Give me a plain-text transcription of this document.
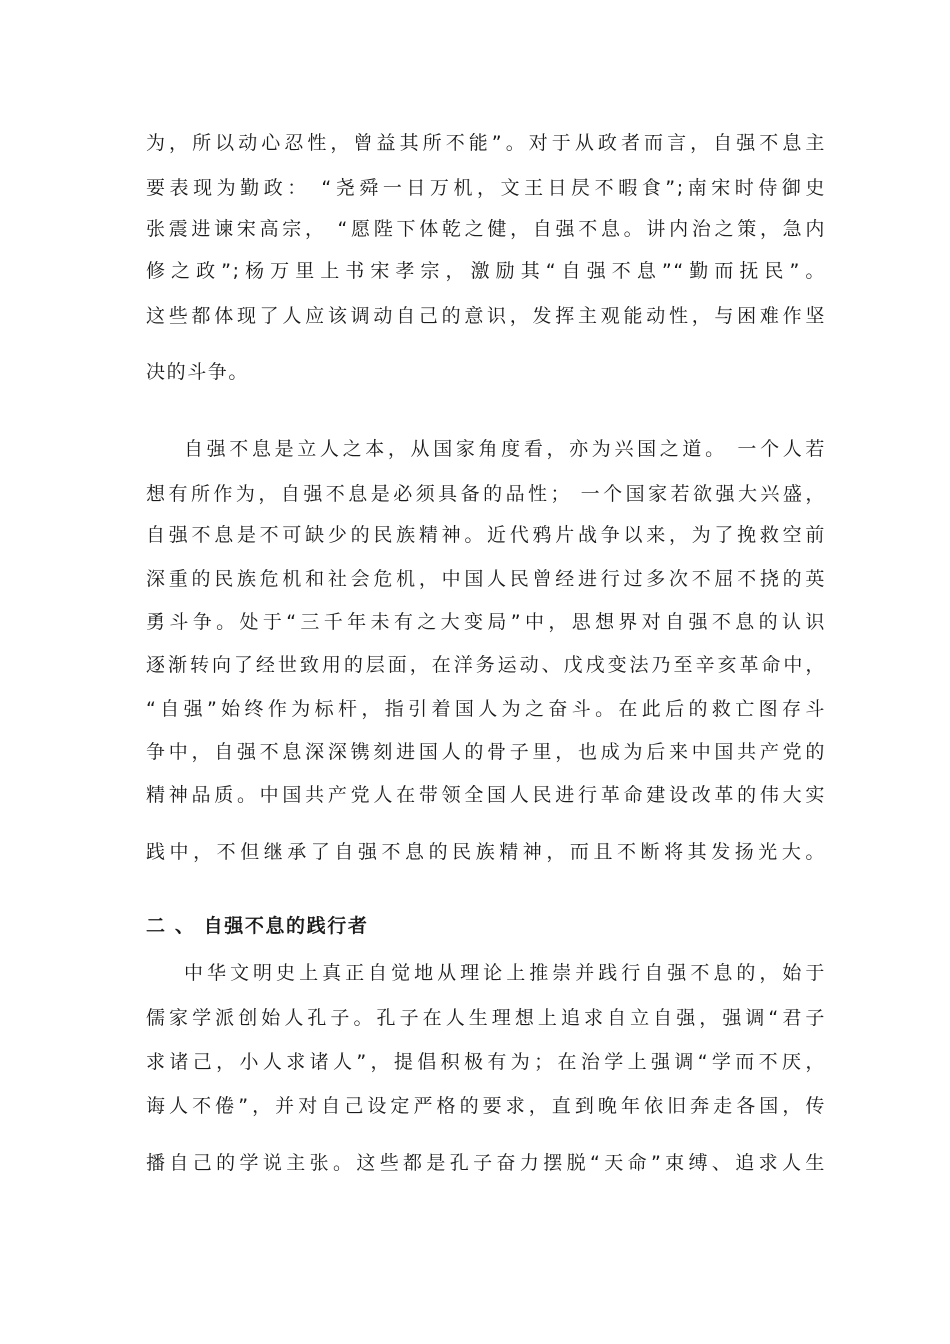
为，所以动心忍性，曾益其所不能”。对于从政者而言，自强不息主
要表现为勤政： “尧舜一日万机，文王日昃不暇食”;南宋时侍御史
张震进谏宋高宗， “愿陛下体乾之健，自强不息。讲内治之策，急内
修之政”;杨万里上书宋孝宗，激励其“自强不息”“勤而抚民”。
这些都体现了人应该调动自己的意识，发挥主观能动性，与困难作坚
决的斗争。
自强不息是立人之本，从国家角度看，亦为兴国之道。 一个人若
想有所作为，自强不息是必须具备的品性； 一个国家若欲强大兴盛，
自强不息是不可缺少的民族精神。近代鸦片战争以来，为了挽救空前
深重的民族危机和社会危机，中国人民曾经进行过多次不屈不挠的英
勇斗争。处于“三千年未有之大变局”中，思想界对自强不息的认识
逐渐转向了经世致用的层面，在洋务运动、戊戌变法乃至辛亥革命中，
“自强”始终作为标杆，指引着国人为之奋斗。在此后的救亡图存斗
争中，自强不息深深镌刻进国人的骨子里，也成为后来中国共产党的
精神品质。中国共产党人在带领全国人民进行革命建设改革的伟大实
践中，不但继承了自强不息的民族精神，而且不断将其发扬光大。
二 、 自强不息的践行者
中华文明史上真正自觉地从理论上推崇并践行自强不息的，始于
儒家学派创始人孔子。孔子在人生理想上追求自立自强，强调“君子
求诸己，小人求诸人”，提倡积极有为；在治学上强调“学而不厌，
诲人不倦”，并对自己设定严格的要求，直到晚年依旧奔走各国，传
播自己的学说主张。这些都是孔子奋力摆脱“天命”束缚、追求人生
